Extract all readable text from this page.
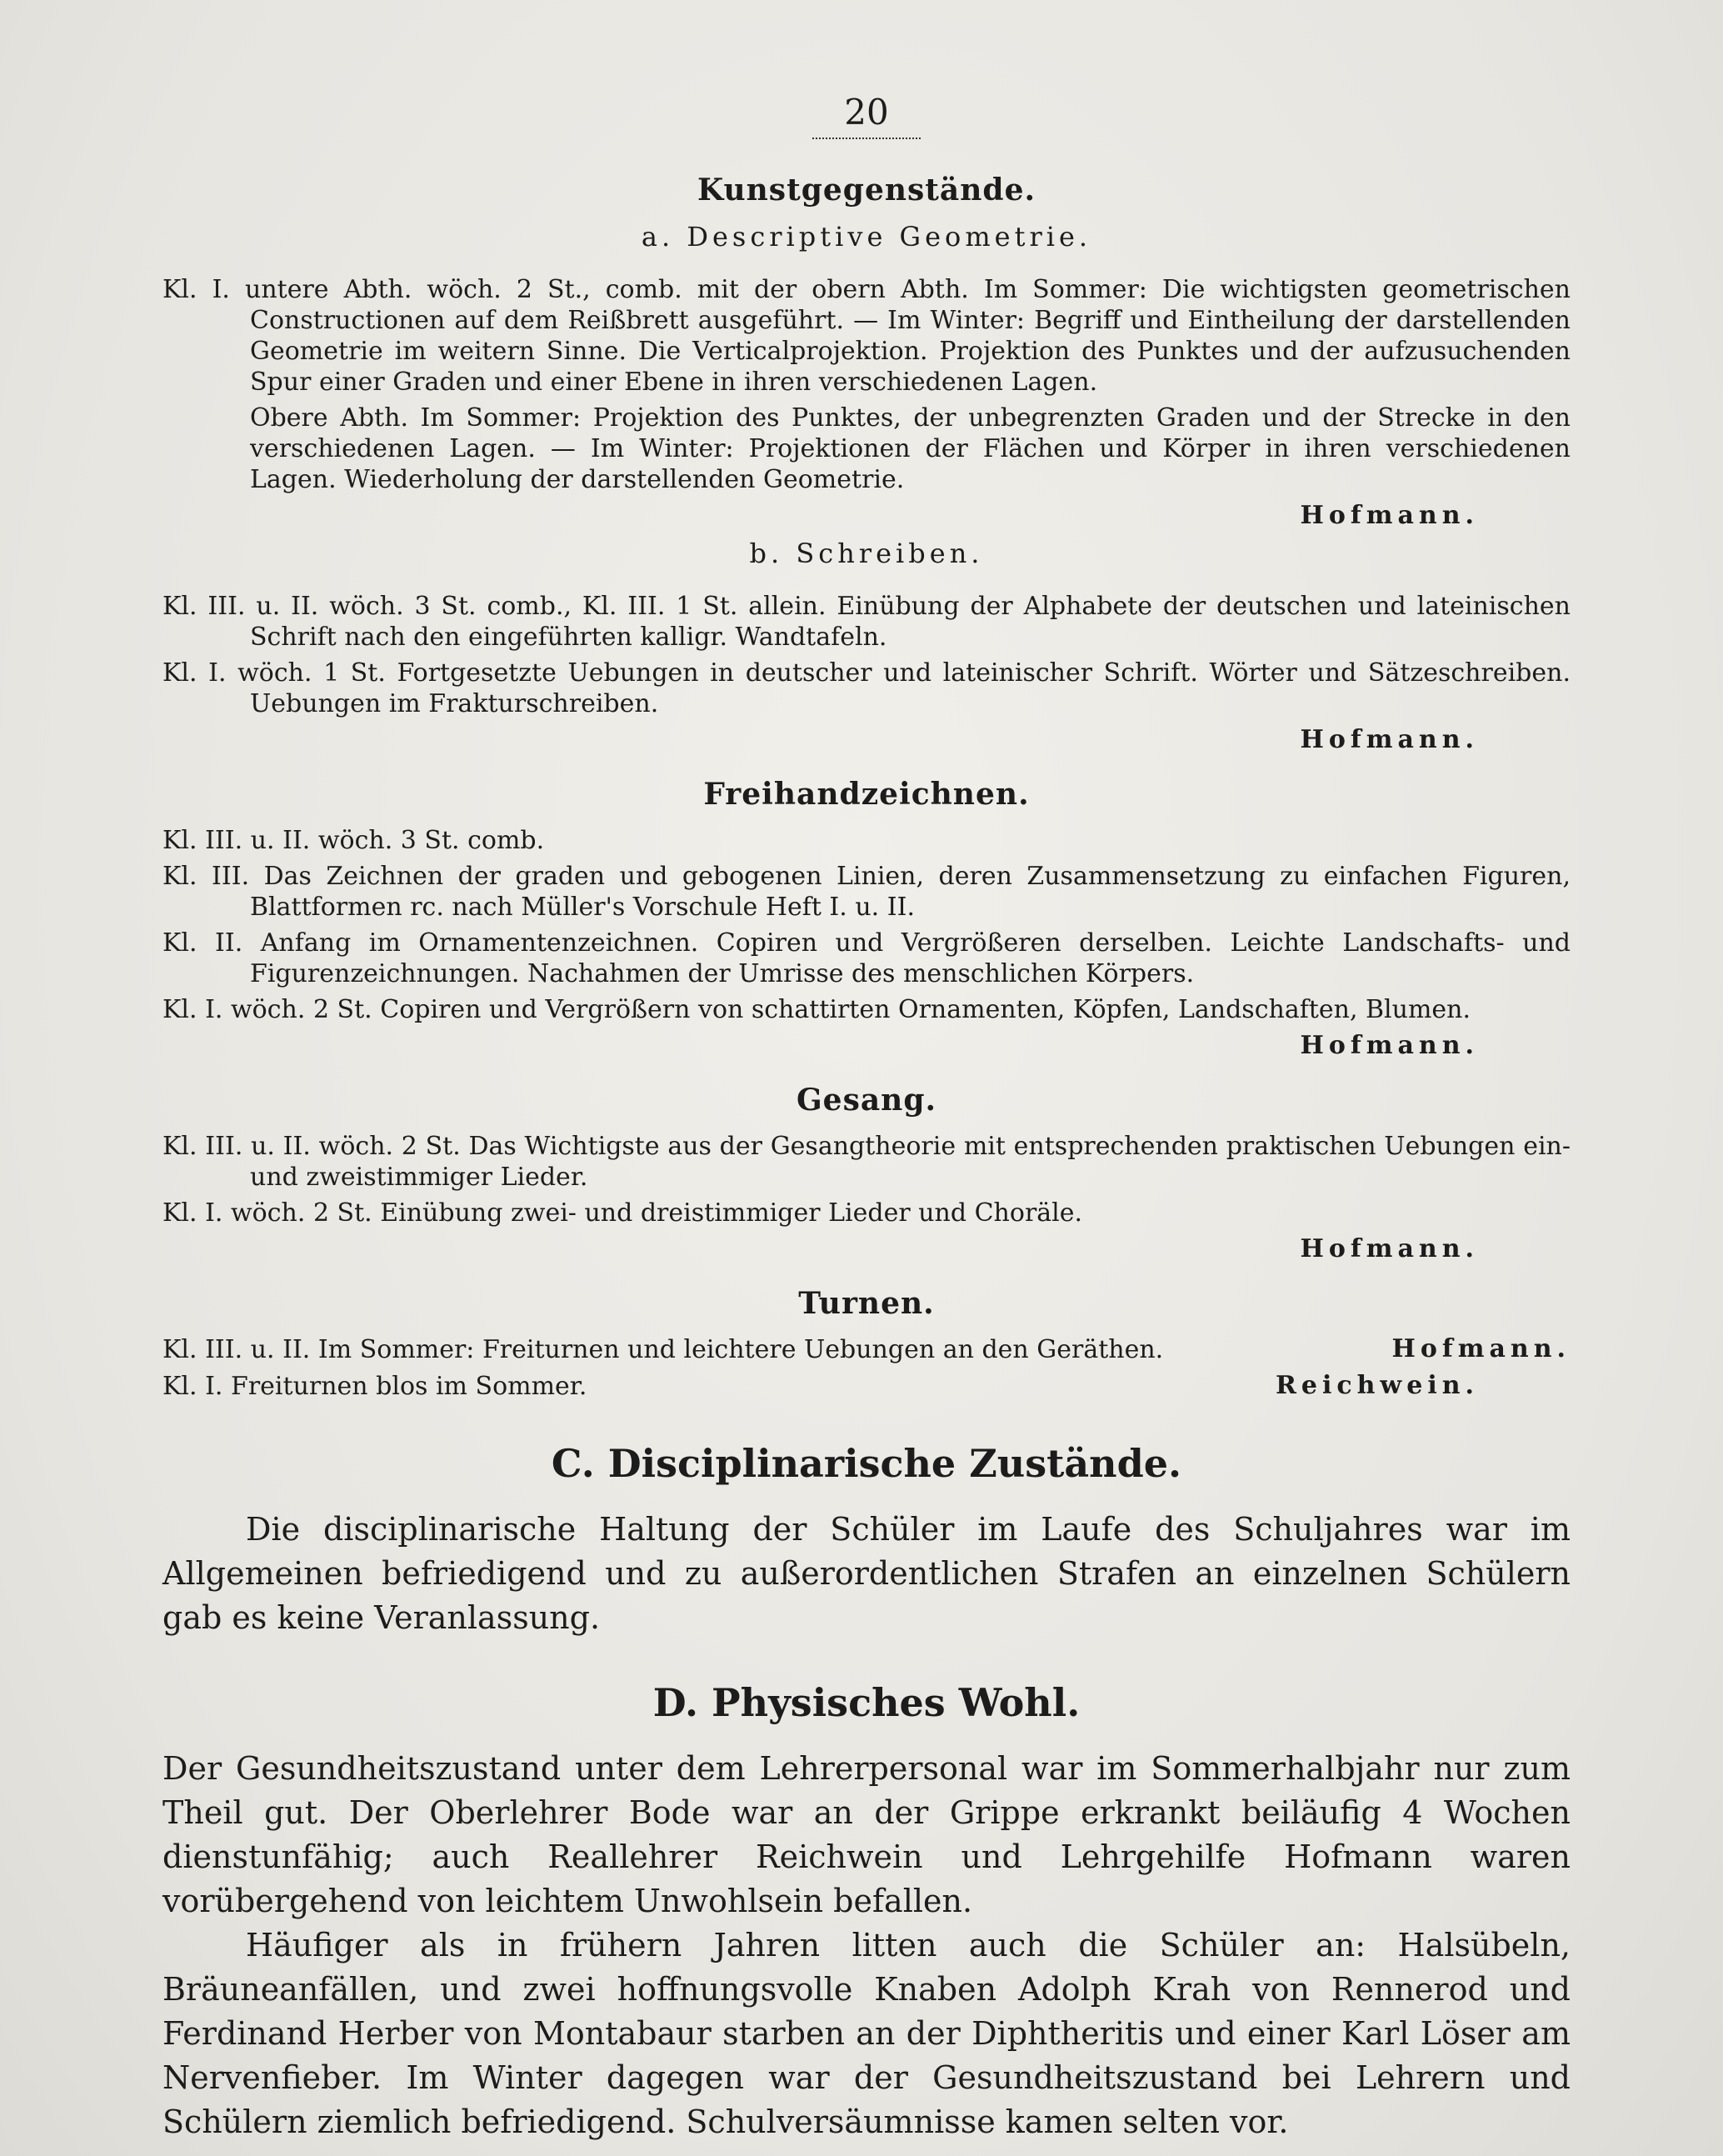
20
Kunstgegenstände.
a. Descriptive Geometrie.

Kl. I. untere Abth. wöch. 2 St., comb. mit der obern Abth. Im Sommer: Die wichtigsten geometrischen Constructionen auf dem Reißbrett ausgeführt. — Im Winter: Begriff und Eintheilung der darstellenden Geometrie im weitern Sinne. Die Verticalprojektion. Projektion des Punktes und der aufzusuchenden Spur einer Graden und einer Ebene in ihren verschiedenen Lagen.

Obere Abth. Im Sommer: Projektion des Punktes, der unbegrenzten Graden und der Strecke in den verschiedenen Lagen. — Im Winter: Projektionen der Flächen und Körper in ihren verschiedenen Lagen. Wiederholung der darstellenden Geometrie.

Hofmann.
b. Schreiben.

Kl. III. u. II. wöch. 3 St. comb., Kl. III. 1 St. allein. Einübung der Alphabete der deutschen und lateinischen Schrift nach den eingeführten kalligr. Wandtafeln.

Kl. I. wöch. 1 St. Fortgesetzte Uebungen in deutscher und lateinischer Schrift. Wörter und Sätzeschreiben. Uebungen im Frakturschreiben.

Hofmann.
Freihandzeichnen.

Kl. III. u. II. wöch. 3 St. comb.

Kl. III. Das Zeichnen der graden und gebogenen Linien, deren Zusammensetzung zu einfachen Figuren, Blattformen rc. nach Müller's Vorschule Heft I. u. II.

Kl. II. Anfang im Ornamentenzeichnen. Copiren und Vergrößeren derselben. Leichte Landschafts- und Figurenzeichnungen. Nachahmen der Umrisse des menschlichen Körpers.

Kl. I. wöch. 2 St. Copiren und Vergrößern von schattirten Ornamenten, Köpfen, Landschaften, Blumen.

Hofmann.
Gesang.

Kl. III. u. II. wöch. 2 St. Das Wichtigste aus der Gesangtheorie mit entsprechenden praktischen Uebungen ein- und zweistimmiger Lieder.

Kl. I. wöch. 2 St. Einübung zwei- und dreistimmiger Lieder und Choräle.

Hofmann.
Turnen.

Kl. III. u. II. Im Sommer: Freiturnen und leichtere Uebungen an den Geräthen.	Hofmann.

Kl. I. Freiturnen blos im Sommer.	Reichwein.
C. Disciplinarische Zustände.

Die disciplinarische Haltung der Schüler im Laufe des Schuljahres war im Allgemeinen befriedigend und zu außerordentlichen Strafen an einzelnen Schülern gab es keine Veranlassung.

D. Physisches Wohl.

Der Gesundheitszustand unter dem Lehrerpersonal war im Sommerhalbjahr nur zum Theil gut. Der Oberlehrer Bode war an der Grippe erkrankt beiläufig 4 Wochen dienstunfähig; auch Reallehrer Reichwein und Lehrgehilfe Hofmann waren vorübergehend von leichtem Unwohlsein befallen.

Häufiger als in frühern Jahren litten auch die Schüler an: Halsübeln, Bräuneanfällen, und zwei hoffnungsvolle Knaben Adolph Krah von Rennerod und Ferdinand Herber von Montabaur starben an der Diphtheritis und einer Karl Löser am Nervenfieber. Im Winter dagegen war der Gesundheitszustand bei Lehrern und Schülern ziemlich befriedigend. Schulversäumnisse kamen selten vor.
